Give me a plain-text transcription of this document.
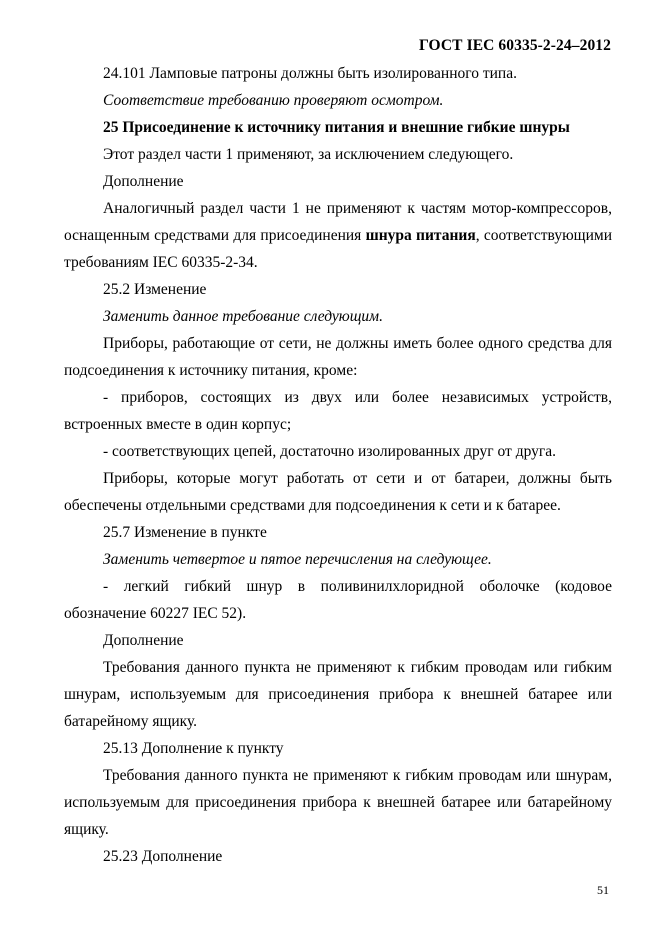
ГОСТ IEC 60335-2-24–2012

24.101 Ламповые патроны должны быть изолированного типа.

Соответствие требованию проверяют осмотром.

25 Присоединение к источнику питания и внешние гибкие шнуры

Этот раздел части 1 применяют, за исключением следующего.

Дополнение

Аналогичный раздел части 1 не применяют к частям мотор-компрессоров, оснащенным средствами для присоединения шнура питания, соответствующими требованиям IEC 60335-2-34.

25.2 Изменение

Заменить данное требование следующим.

Приборы, работающие от сети, не должны иметь более одного средства для подсоединения к источнику питания, кроме:

- приборов, состоящих из двух или более независимых устройств, встроенных вместе в один корпус;

- соответствующих цепей, достаточно изолированных друг от друга.

Приборы, которые могут работать от сети и от батареи, должны быть обеспечены отдельными средствами для подсоединения к сети и к батарее.

25.7 Изменение в пункте

Заменить четвертое и пятое перечисления на следующее.

- легкий гибкий шнур в поливинилхлоридной оболочке (кодовое обозначение 60227 IEC 52).

Дополнение

Требования данного пункта не применяют к гибким проводам или гибким шнурам, используемым для присоединения прибора к внешней батарее или батарейному ящику.

25.13 Дополнение к пункту

Требования данного пункта не применяют к гибким проводам или шнурам, используемым для присоединения прибора к внешней батарее или батарейному ящику.

25.23 Дополнение

51
